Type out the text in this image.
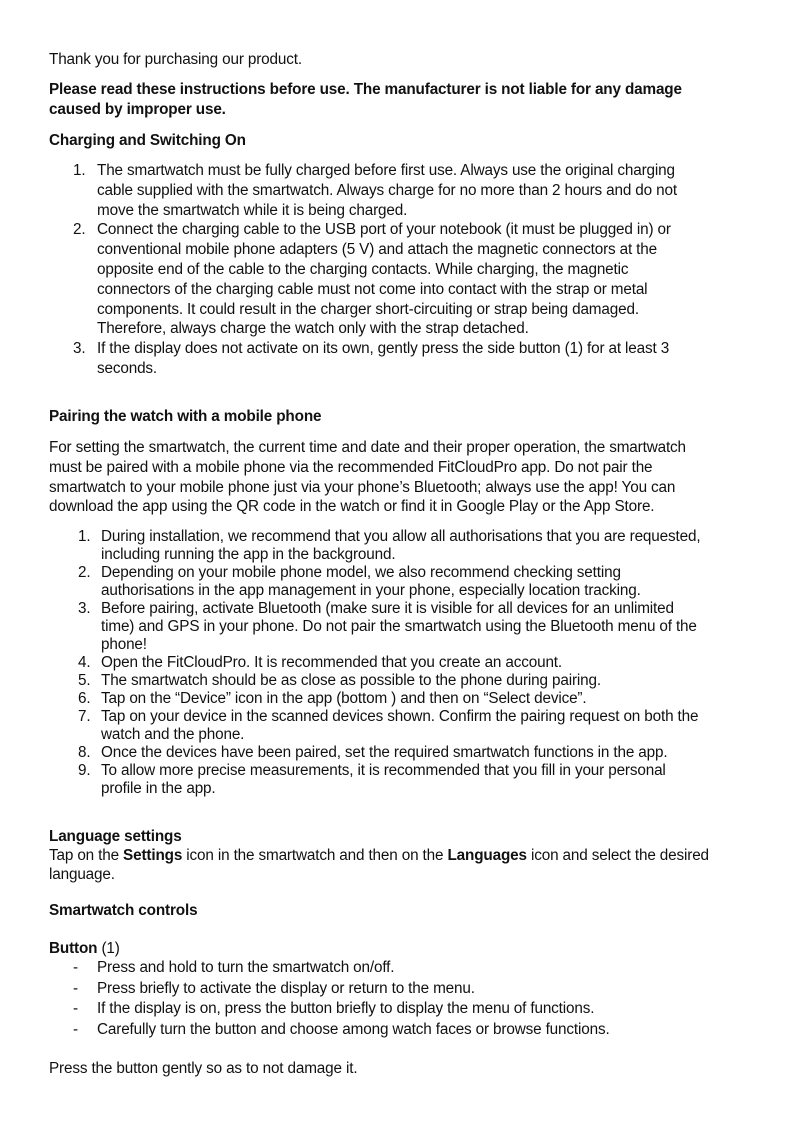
Thank you for purchasing our product.
Please read these instructions before use. The manufacturer is not liable for any damage
caused by improper use.
Charging and Switching On
1. The smartwatch must be fully charged before first use. Always use the original charging
cable supplied with the smartwatch. Always charge for no more than 2 hours and do not
move the smartwatch while it is being charged.
2. Connect the charging cable to the USB port of your notebook (it must be plugged in) or
conventional mobile phone adapters (5 V) and attach the magnetic connectors at the
opposite end of the cable to the charging contacts. While charging, the magnetic
connectors of the charging cable must not come into contact with the strap or metal
components. It could result in the charger short-circuiting or strap being damaged.
Therefore, always charge the watch only with the strap detached.
3. If the display does not activate on its own, gently press the side button (1) for at least 3
seconds.
Pairing the watch with a mobile phone
For setting the smartwatch, the current time and date and their proper operation, the smartwatch
must be paired with a mobile phone via the recommended FitCloudPro app. Do not pair the
smartwatch to your mobile phone just via your phone’s Bluetooth; always use the app! You can
download the app using the QR code in the watch or find it in Google Play or the App Store.
1. During installation, we recommend that you allow all authorisations that you are requested,
including running the app in the background.
2. Depending on your mobile phone model, we also recommend checking setting
authorisations in the app management in your phone, especially location tracking.
3. Before pairing, activate Bluetooth (make sure it is visible for all devices for an unlimited
time) and GPS in your phone. Do not pair the smartwatch using the Bluetooth menu of the
phone!
4. Open the FitCloudPro. It is recommended that you create an account.
5. The smartwatch should be as close as possible to the phone during pairing.
6. Tap on the “Device” icon in the app (bottom ) and then on “Select device”.
7. Tap on your device in the scanned devices shown. Confirm the pairing request on both the
watch and the phone.
8. Once the devices have been paired, set the required smartwatch functions in the app.
9. To allow more precise measurements, it is recommended that you fill in your personal
profile in the app.
Language settings
Tap on the Settings icon in the smartwatch and then on the Languages icon and select the desired
language.
Smartwatch controls
Button (1)
- Press and hold to turn the smartwatch on/off.
- Press briefly to activate the display or return to the menu.
- If the display is on, press the button briefly to display the menu of functions.
- Carefully turn the button and choose among watch faces or browse functions.
Press the button gently so as to not damage it.
